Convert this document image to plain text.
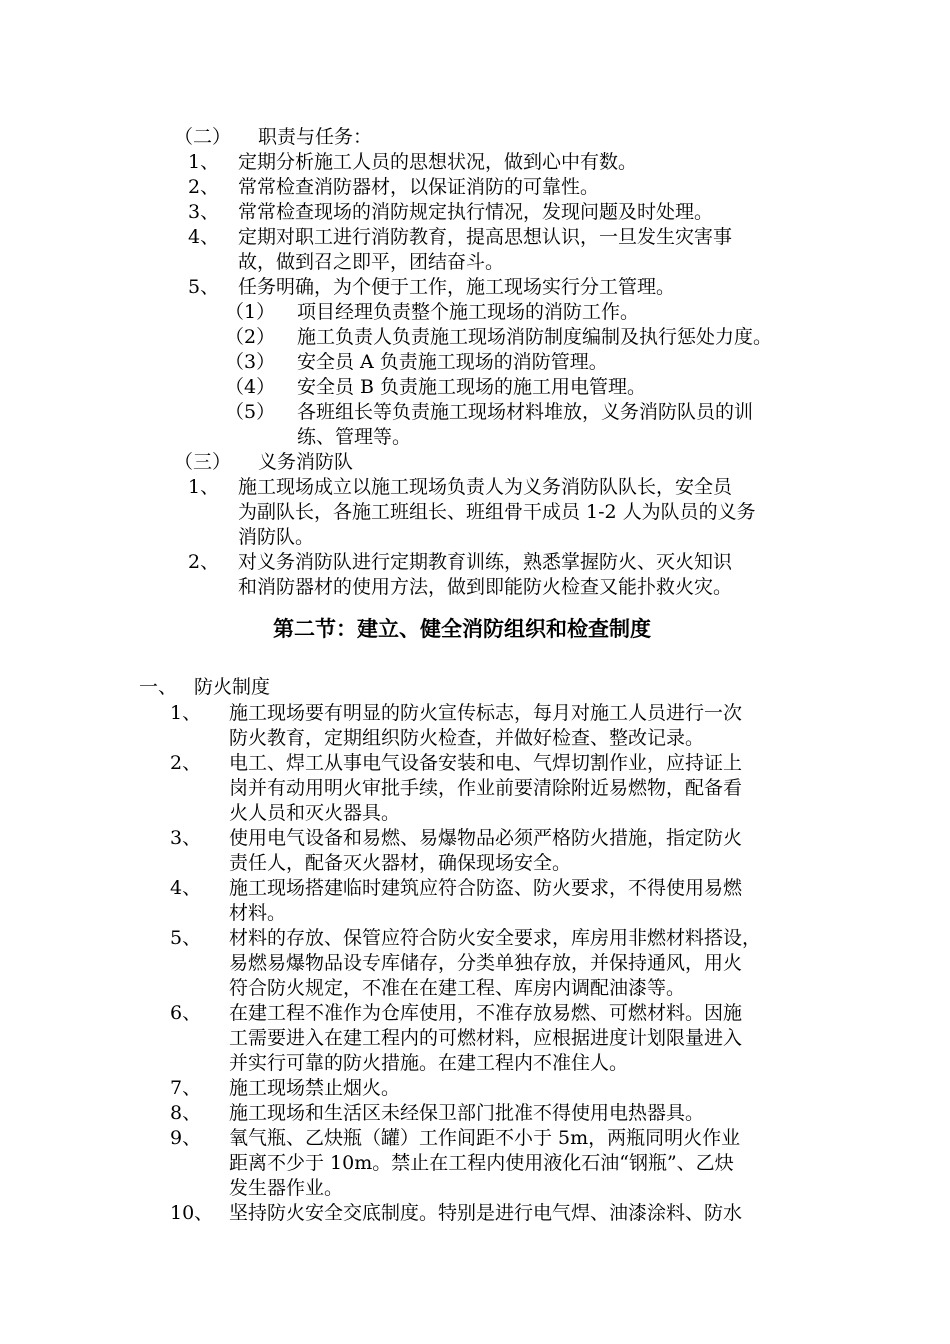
（二） 职责与任务：
1、 定期分析施工人员的思想状况，做到心中有数。
2、 常常检查消防器材，以保证消防的可靠性。
3、 常常检查现场的消防规定执行情况，发现问题及时处理。
4、 定期对职工进行消防教育，提高思想认识，一旦发生灾害事
故，做到召之即平，团结奋斗。
5、 任务明确，为个便于工作，施工现场实行分工管理。
（1） 项目经理负责整个施工现场的消防工作。
（2） 施工负责人负责施工现场消防制度编制及执行惩处力度。
（3） 安全员 A 负责施工现场的消防管理。
（4） 安全员 B 负责施工现场的施工用电管理。
（5） 各班组长等负责施工现场材料堆放，义务消防队员的训
练、管理等。
（三） 义务消防队
1、 施工现场成立以施工现场负责人为义务消防队队长，安全员
为副队长，各施工班组长、班组骨干成员 1-2 人为队员的义务
消防队。
2、 对义务消防队进行定期教育训练，熟悉掌握防火、灭火知识
和消防器材的使用方法，做到即能防火检查又能扑救火灾。
第二节：建立、健全消防组织和检查制度
一、 防火制度
1、 施工现场要有明显的防火宣传标志，每月对施工人员进行一次
防火教育，定期组织防火检查，并做好检查、整改记录。
2、 电工、焊工从事电气设备安装和电、气焊切割作业，应持证上
岗并有动用明火审批手续，作业前要清除附近易燃物，配备看
火人员和灭火器具。
3、 使用电气设备和易燃、易爆物品必须严格防火措施，指定防火
责任人，配备灭火器材，确保现场安全。
4、 施工现场搭建临时建筑应符合防盗、防火要求，不得使用易燃
材料。
5、 材料的存放、保管应符合防火安全要求，库房用非燃材料搭设，
易燃易爆物品设专库储存，分类单独存放，并保持通风，用火
符合防火规定，不准在在建工程、库房内调配油漆等。
6、 在建工程不准作为仓库使用，不准存放易燃、可燃材料。因施
工需要进入在建工程内的可燃材料，应根据进度计划限量进入
并实行可靠的防火措施。在建工程内不准住人。
7、 施工现场禁止烟火。
8、 施工现场和生活区未经保卫部门批准不得使用电热器具。
9、 氧气瓶、乙炔瓶（罐）工作间距不小于 5m，两瓶同明火作业
距离不少于 10m。禁止在工程内使用液化石油“钢瓶”、乙炔
发生器作业。
10、 坚持防火安全交底制度。特别是进行电气焊、油漆涂料、防水
